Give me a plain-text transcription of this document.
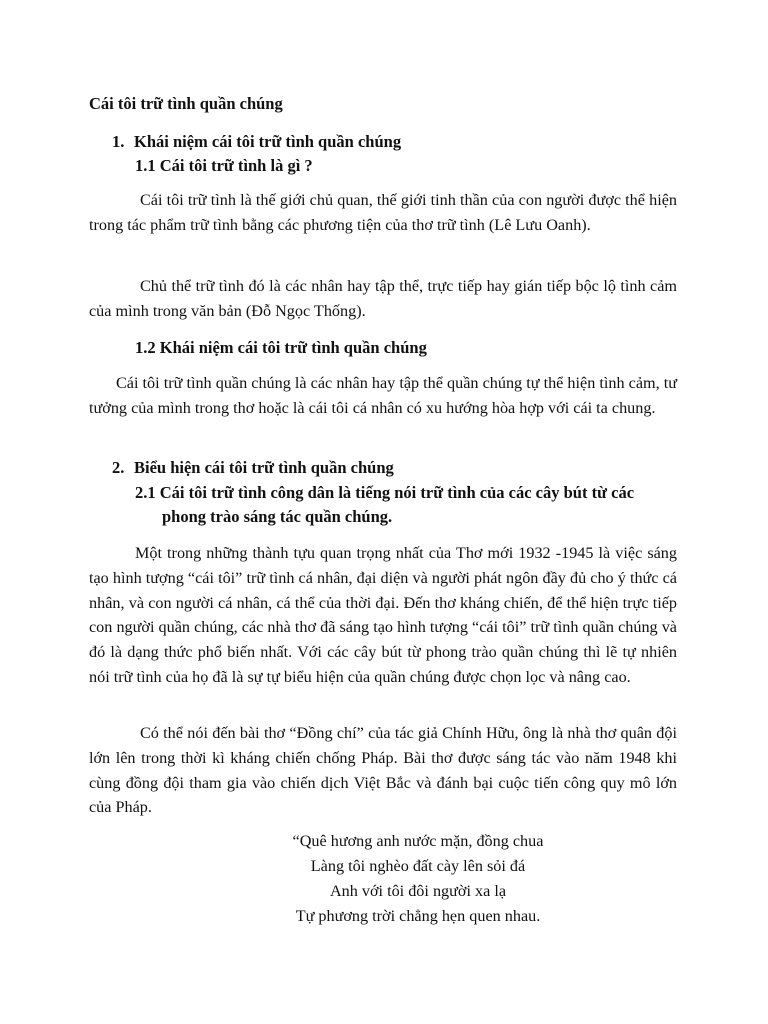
Cái tôi trữ tình quần chúng
1. Khái niệm cái tôi trữ tình quần chúng
1.1 Cái tôi trữ tình là gì ?

Cái tôi trữ tình là thế giới chủ quan, thế giới tinh thần của con người được thể hiện trong tác phẩm trữ tình bằng các phương tiện của thơ trữ tình (Lê Lưu Oanh).

Chủ thể trữ tình đó là các nhân hay tập thể, trực tiếp hay gián tiếp bộc lộ tình cảm của mình trong văn bản (Đỗ Ngọc Thống).

1.2 Khái niệm cái tôi trữ tình quần chúng

Cái tôi trữ tình quần chúng là các nhân hay tập thể quần chúng tự thể hiện tình cảm, tư tưởng của mình trong thơ hoặc là cái tôi cá nhân có xu hướng hòa hợp với cái ta chung.

2. Biểu hiện cái tôi trữ tình quần chúng
2.1 Cái tôi trữ tình công dân là tiếng nói trữ tình của các cây bút từ các
phong trào sáng tác quần chúng.

Một trong những thành tựu quan trọng nhất của Thơ mới 1932 -1945 là việc sáng tạo hình tượng “cái tôi” trữ tình cá nhân, đại diện và người phát ngôn đầy đủ cho ý thức cá nhân, và con người cá nhân, cá thể của thời đại. Đến thơ kháng chiến, để thể hiện trực tiếp con người quần chúng, các nhà thơ đã sáng tạo hình tượng “cái tôi” trữ tình quần chúng và đó là dạng thức phổ biến nhất. Với các cây bút từ phong trào quần chúng thì lẽ tự nhiên nói trữ tình của họ đã là sự tự biểu hiện của quần chúng được chọn lọc và nâng cao.

Có thể nói đến bài thơ “Đồng chí” của tác giả Chính Hữu, ông là nhà thơ quân đội lớn lên trong thời kì kháng chiến chống Pháp. Bài thơ được sáng tác vào năm 1948 khi cùng đồng đội tham gia vào chiến dịch Việt Bắc và đánh bại cuộc tiến công quy mô lớn của Pháp.

“Quê hương anh nước mặn, đồng chua
Làng tôi nghèo đất cày lên sỏi đá
Anh với tôi đôi người xa lạ
Tự phương trời chẳng hẹn quen nhau.
